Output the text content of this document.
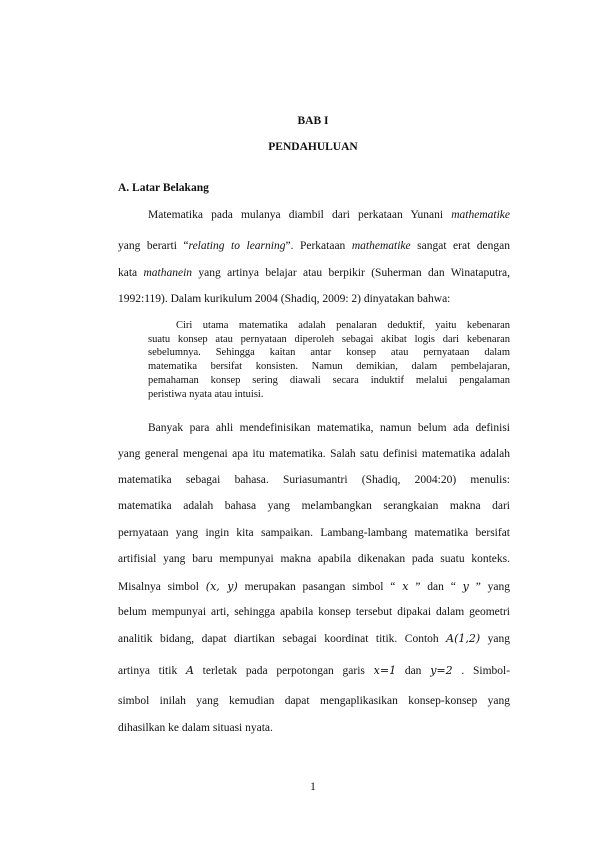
BAB I
PENDAHULUAN
A. Latar Belakang
Matematika pada mulanya diambil dari perkataan Yunani mathematike
yang berarti “relating to learning”. Perkataan mathematike sangat erat dengan
kata mathanein yang artinya belajar atau berpikir (Suherman dan Winataputra,
1992:119). Dalam kurikulum 2004 (Shadiq, 2009: 2) dinyatakan bahwa:
Ciri utama matematika adalah penalaran deduktif, yaitu kebenaran
suatu konsep atau pernyataan diperoleh sebagai akibat logis dari kebenaran
sebelumnya. Sehingga kaitan antar konsep atau pernyataan dalam
matematika bersifat konsisten. Namun demikian, dalam pembelajaran,
pemahaman konsep sering diawali secara induktif melalui pengalaman
peristiwa nyata atau intuisi.
Banyak para ahli mendefinisikan matematika, namun belum ada definisi
yang general mengenai apa itu matematika. Salah satu definisi matematika adalah
matematika sebagai bahasa. Suriasumantri (Shadiq, 2004:20) menulis:
matematika adalah bahasa yang melambangkan serangkaian makna dari
pernyataan yang ingin kita sampaikan. Lambang-lambang matematika bersifat
artifisial yang baru mempunyai makna apabila dikenakan pada suatu konteks.
Misalnya simbol (x, y) merupakan pasangan simbol “ x ” dan “ y ” yang
belum mempunyai arti, sehingga apabila konsep tersebut dipakai dalam geometri
analitik bidang, dapat diartikan sebagai koordinat titik. Contoh A(1,2) yang
artinya titik A terletak pada perpotongan garis x=1 dan y=2 . Simbol-
simbol inilah yang kemudian dapat mengaplikasikan konsep-konsep yang
dihasilkan ke dalam situasi nyata.
1
